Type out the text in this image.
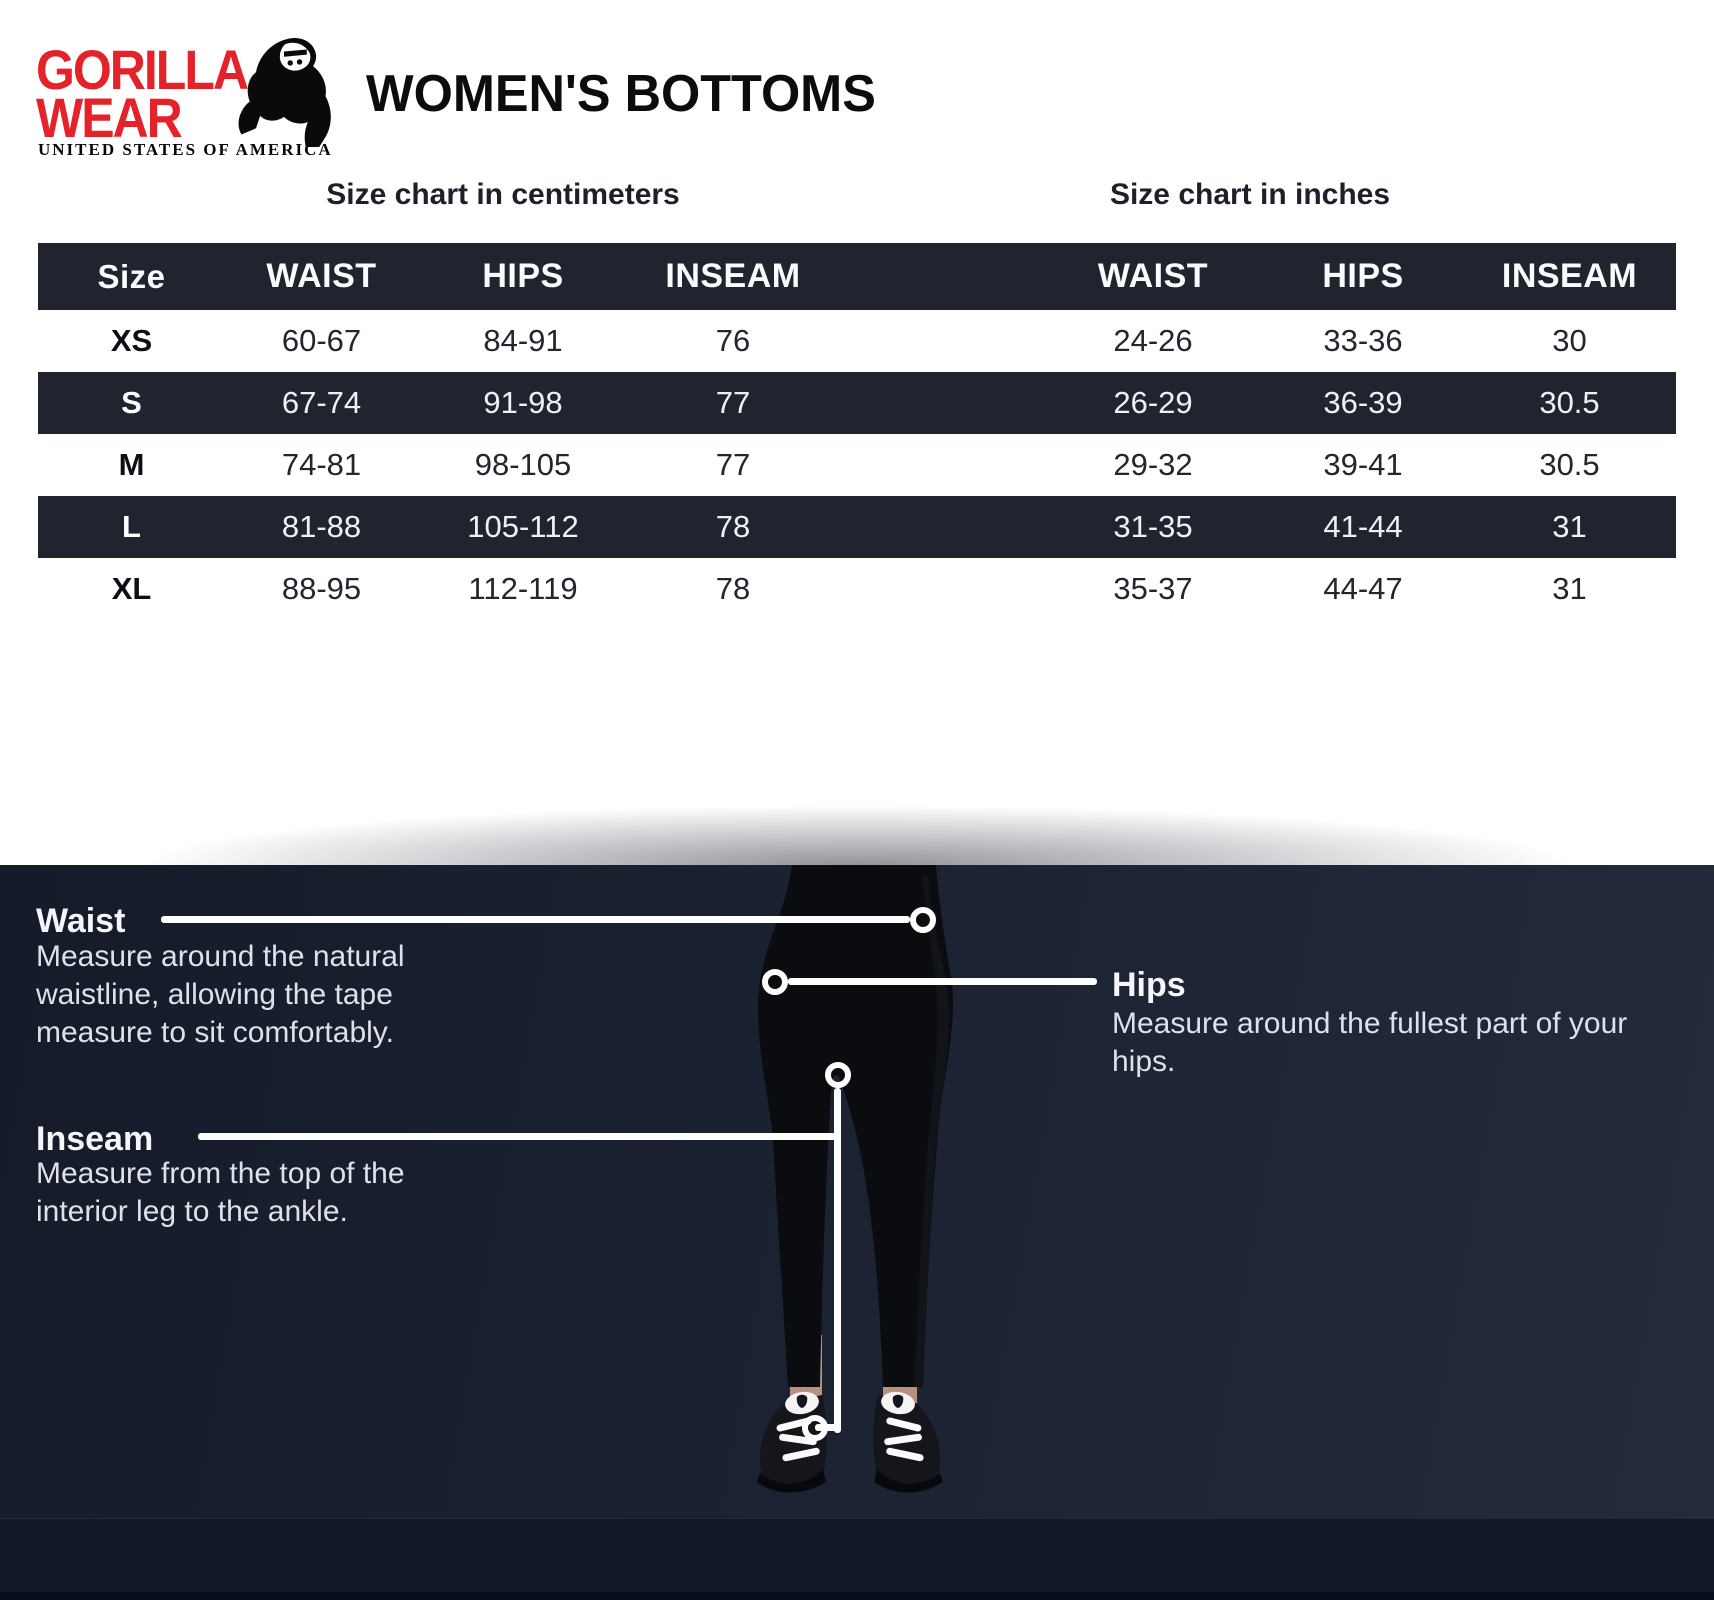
GORILLA
WEAR
UNITED STATES OF AMERICA
WOMEN'S BOTTOMS
Size chart in centimeters	Size chart in inches
Size	WAIST	HIPS	INSEAM	WAIST	HIPS	INSEAM
XS	60-67	84-91	76	24-26	33-36	30
S	67-74	91-98	77	26-29	36-39	30.5
M	74-81	98-105	77	29-32	39-41	30.5
L	81-88	105-112	78	31-35	41-44	31
XL	88-95	112-119	78	35-37	44-47	31
Waist
Measure around the natural waistline, allowing the tape measure to sit comfortably.
Hips
Measure around the fullest part of your hips.
Inseam
Measure from the top of the interior leg to the ankle.
